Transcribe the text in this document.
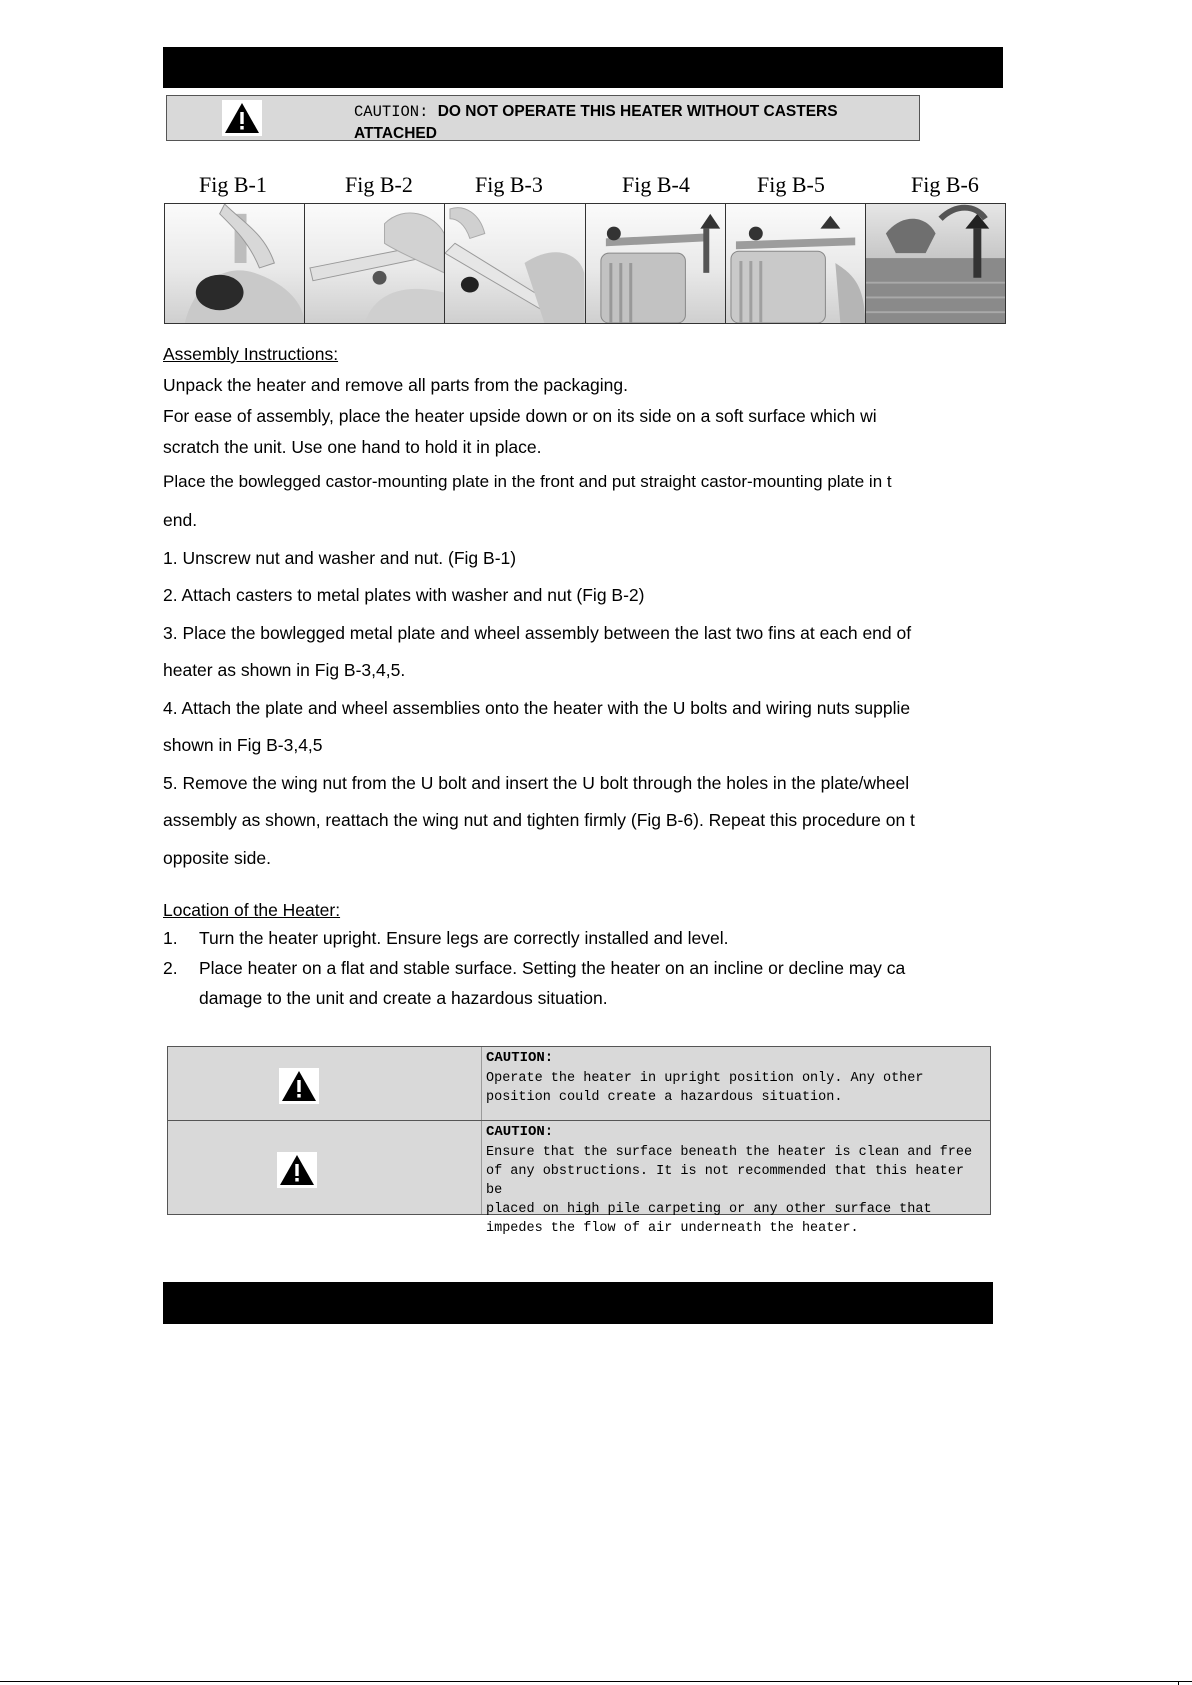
CAUTION: DO NOT OPERATE THIS HEATER WITHOUT CASTERS
ATTACHED
Fig B-1	Fig B-2	Fig B-3	Fig B-4	Fig B-5	Fig B-6
Assembly Instructions:
Unpack the heater and remove all parts from the packaging.
For ease of assembly, place the heater upside down or on its side on a soft surface which wi
scratch the unit. Use one hand to hold it in place.
Place the bowlegged castor-mounting plate in the front and put straight castor-mounting plate in t
end.
1. Unscrew nut and washer and nut. (Fig B-1)
2. Attach casters to metal plates with washer and nut (Fig B-2)
3. Place the bowlegged metal plate and wheel assembly between the last two fins at each end of
heater as shown in Fig B-3,4,5.
4. Attach the plate and wheel assemblies onto the heater with the U bolts and wiring nuts supplie
shown in Fig B-3,4,5
5. Remove the wing nut from the U bolt and insert the U bolt through the holes in the plate/wheel
assembly as shown, reattach the wing nut and tighten firmly (Fig B-6). Repeat this procedure on t
opposite side.
Location of the Heater:
1. Turn the heater upright. Ensure legs are correctly installed and level.
2. Place heater on a flat and stable surface. Setting the heater on an incline or decline may ca
damage to the unit and create a hazardous situation.
CAUTION:
Operate the heater in upright position only. Any other
position could create a hazardous situation.
CAUTION:
Ensure that the surface beneath the heater is clean and free
of any obstructions. It is not recommended that this heater be
placed on high pile carpeting or any other surface that
impedes the flow of air underneath the heater.
